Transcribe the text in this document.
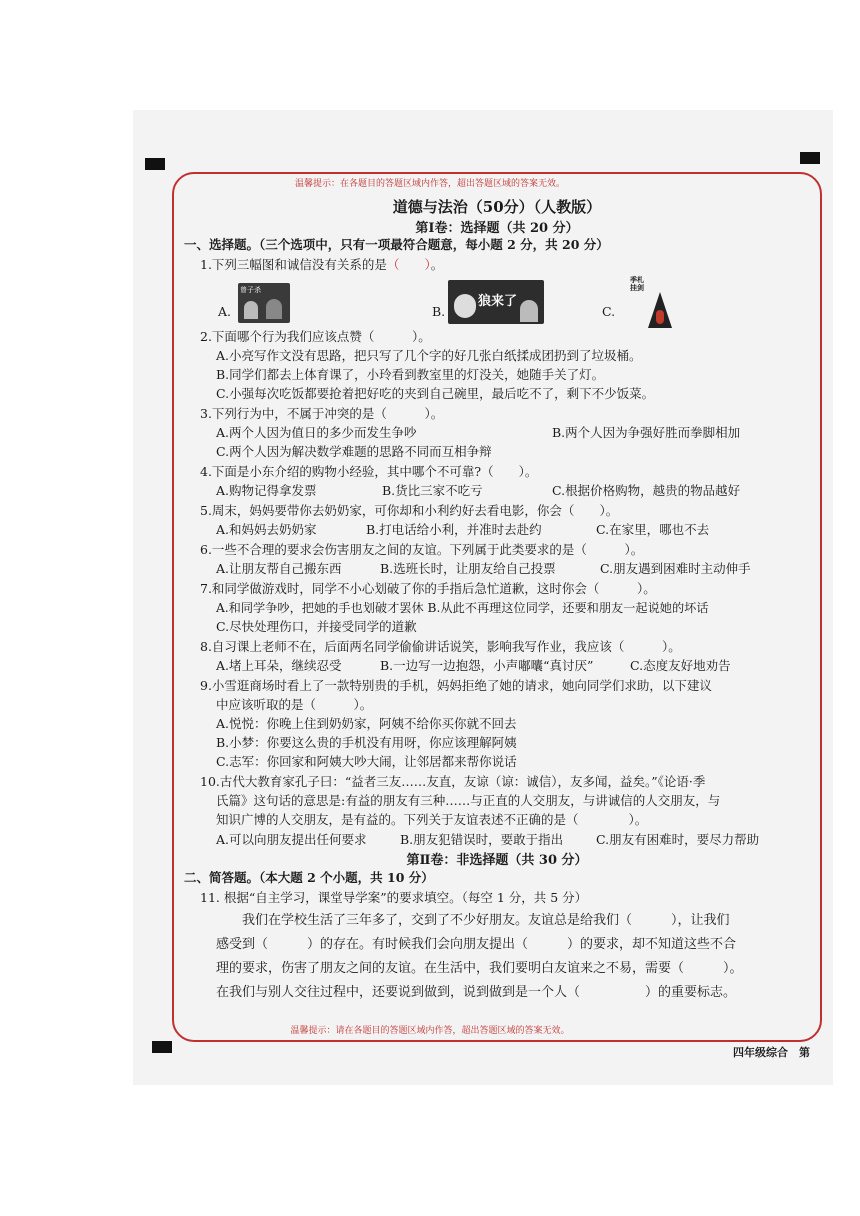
温馨提示：在各题目的答题区域内作答，超出答题区域的答案无效。
道德与法治（50分）（人教版）
第Ⅰ卷：选择题（共 20 分）
一、选择题。（三个选项中，只有一项最符合题意，每小题 2 分，共 20 分）
1.下列三幅图和诚信没有关系的是（　　）。
A.
曾子杀
B.
狼来了
C.
季札挂剑
2.下面哪个行为我们应该点赞（　　　	）。
A.小亮写作文没有思路，把只写了几个字的好几张白纸揉成团扔到了垃圾桶。
B.同学们都去上体育课了，小玲看到教室里的灯没关，她随手关了灯。
C.小强每次吃饭都要抢着把好吃的夹到自己碗里，最后吃不了，剩下不少饭菜。
3.下列行为中，不属于冲突的是（　　　	）。
A.两个人因为值日的多少而发生争吵	B.两个人因为争强好胜而拳脚相加
C.两个人因为解决数学难题的思路不同而互相争辩
4.下面是小东介绍的购物小经验，其中哪个不可靠?（　　 ）。
A.购物记得拿发票	B.货比三家不吃亏	C.根据价格购物，越贵的物品越好
5.周末，妈妈要带你去奶奶家，可你却和小利约好去看电影，你会（　　 ）。
A.和妈妈去奶奶家	B.打电话给小利，并准时去赴约	C.在家里，哪也不去
6.一些不合理的要求会伤害朋友之间的友谊。下列属于此类要求的是（　　　	）。
A.让朋友帮自己搬东西	B.选班长时，让朋友给自己投票	C.朋友遇到困难时主动伸手
7.和同学做游戏时，同学不小心划破了你的手指后急忙道歉，这时你会（　　　	）。
A.和同学争吵，把她的手也划破才罢休 B.从此不再理这位同学，还要和朋友一起说她的坏话
C.尽快处理伤口，并接受同学的道歉
8.自习课上老师不在，后面两名同学偷偷讲话说笑，影响我写作业，我应该（　　　	）。
A.堵上耳朵，继续忍受	B.一边写一边抱怨，小声嘟囔“真讨厌”	C.态度友好地劝告
9.小雪逛商场时看上了一款特别贵的手机，妈妈拒绝了她的请求，她向同学们求助，以下建议
中应该听取的是（　　　	）。
A.悦悦：你晚上住到奶奶家，阿姨不给你买你就不回去
B.小梦：你要这么贵的手机没有用呀，你应该理解阿姨
C.志军：你回家和阿姨大吵大闹，让邻居都来帮你说话
10.古代大教育家孔子曰：“益者三友……友直，友谅（谅：诚信），友多闻，益矣。”《论语·季
氏篇》这句话的意思是:有益的朋友有三种……与正直的人交朋友，与讲诚信的人交朋友，与
知识广博的人交朋友，是有益的。下列关于友谊表述不正确的是（　　　　	）。
A.可以向朋友提出任何要求	B.朋友犯错误时，要敢于指出	C.朋友有困难时，要尽力帮助
第Ⅱ卷：非选择题（共 30 分）
二、简答题。（本大题 2 个小题，共 10 分）
11. 根据“自主学习，课堂导学案”的要求填空。（每空 1 分，共 5 分）
我们在学校生活了三年多了，交到了不少好朋友。友谊总是给我们（　　　），让我们
感受到（　　　）的存在。有时候我们会向朋友提出（　　　）的要求，却不知道这些不合
理的要求，伤害了朋友之间的友谊。在生活中，我们要明白友谊来之不易，需要（　　　）。
在我们与别人交往过程中，还要说到做到，说到做到是一个人（　　　　　）的重要标志。
温馨提示：请在各题目的答题区域内作答，超出答题区域的答案无效。
四年级综合　第
